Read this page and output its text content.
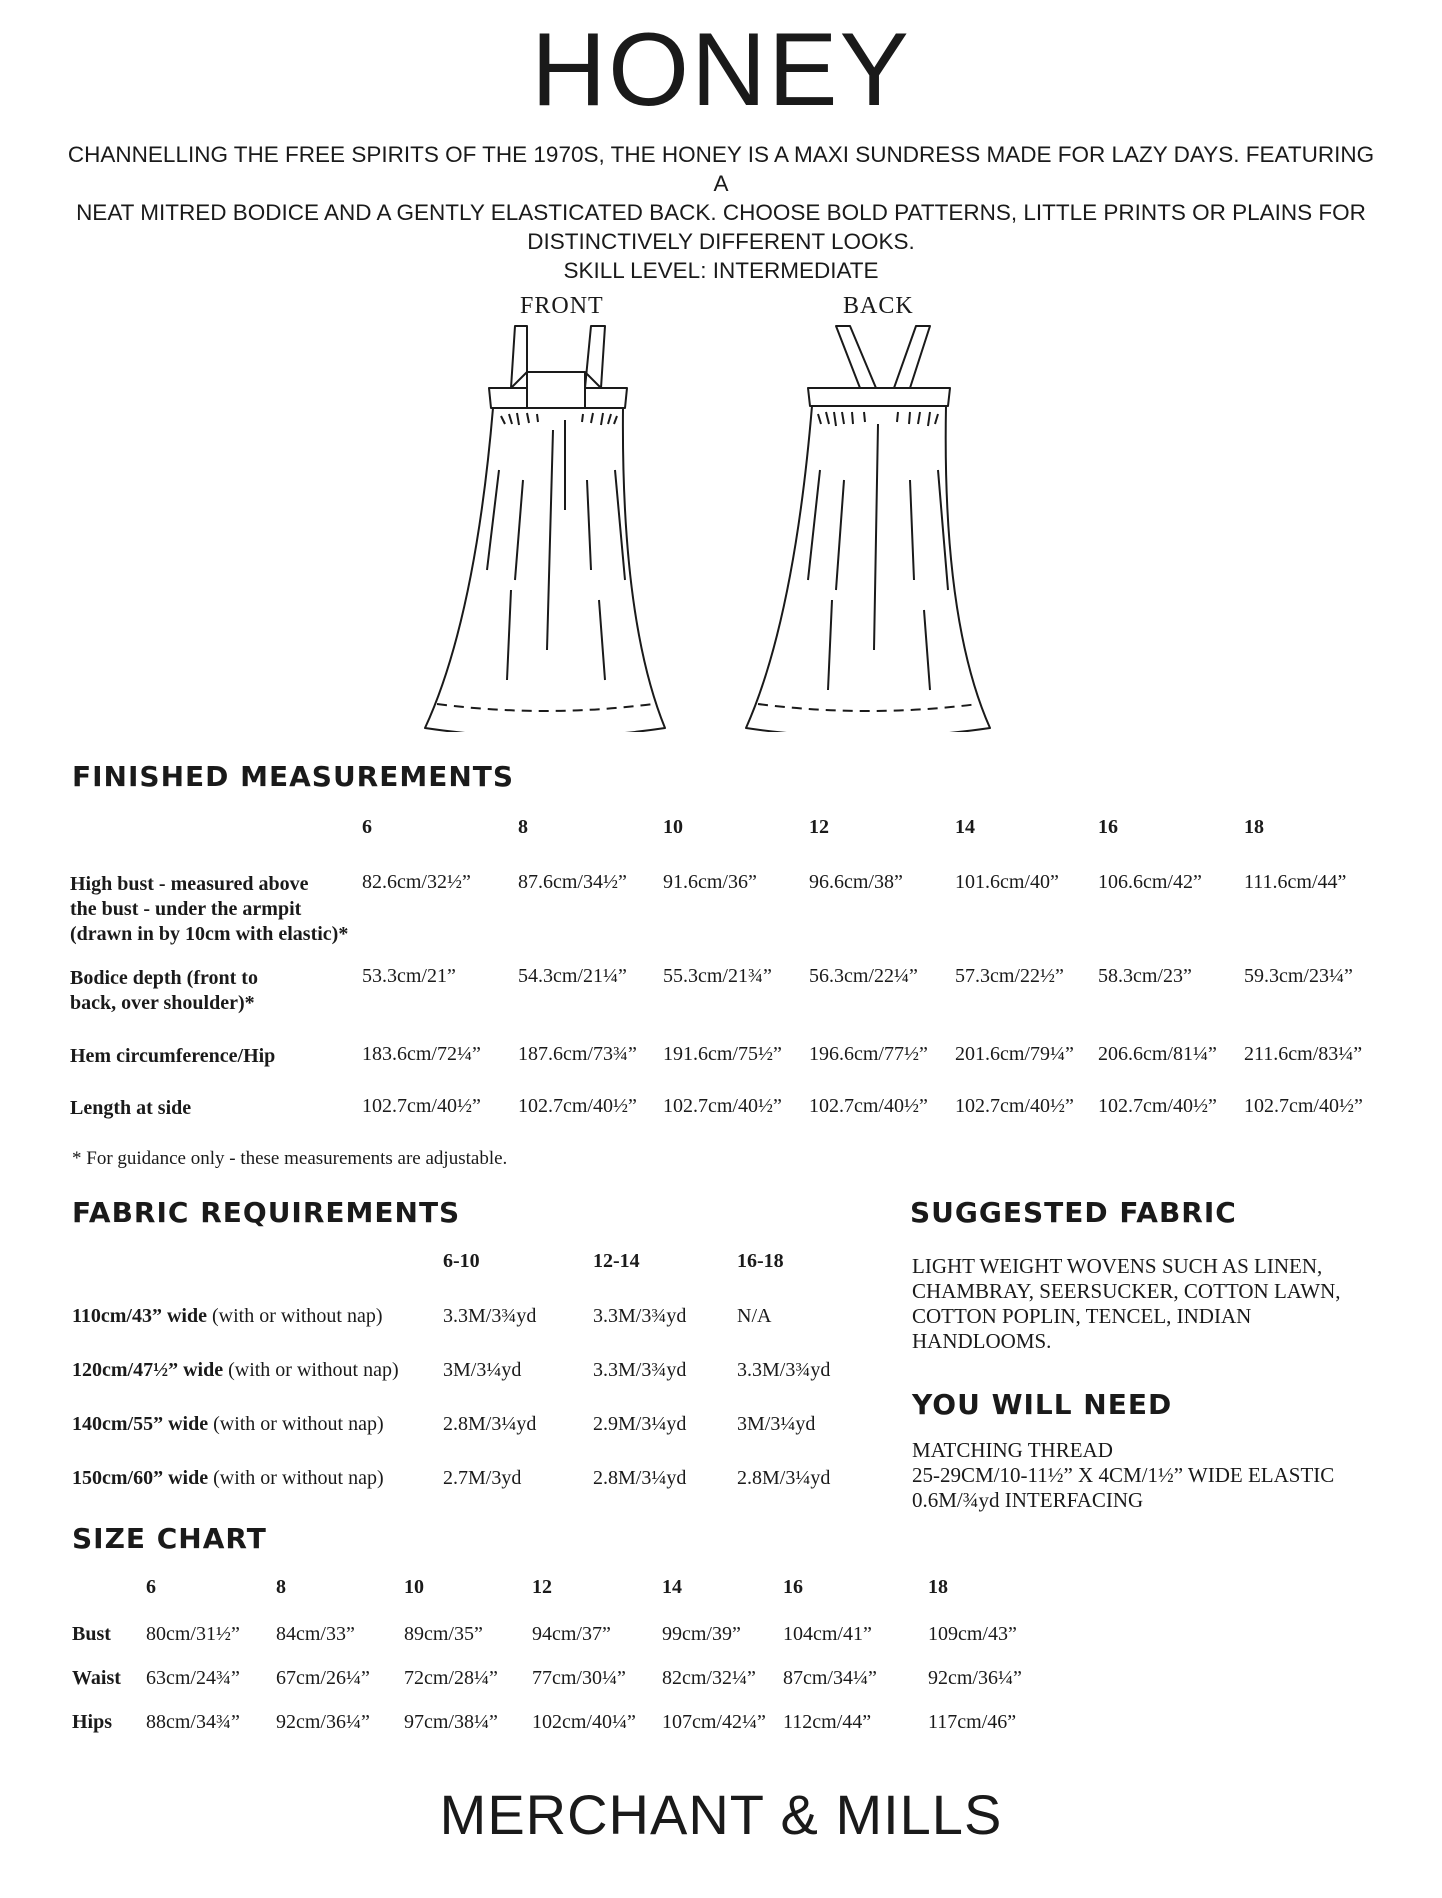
HONEY
CHANNELLING THE FREE SPIRITS OF THE 1970S, THE HONEY IS A MAXI SUNDRESS MADE FOR LAZY DAYS. FEATURING A
NEAT MITRED BODICE AND A GENTLY ELASTICATED BACK. CHOOSE BOLD PATTERNS, LITTLE PRINTS OR PLAINS FOR
DISTINCTIVELY DIFFERENT LOOKS.
SKILL LEVEL: INTERMEDIATE
FRONT	BACK
FINISHED MEASUREMENTS
6	8	10	12	14	16	18
High bust - measured above
the bust - under the armpit
(drawn in by 10cm with elastic)*
82.6cm/32½” 87.6cm/34½” 91.6cm/36”	96.6cm/38”	101.6cm/40” 106.6cm/42” 111.6cm/44”
Bodice depth (front to
back, over shoulder)*
53.3cm/21”	54.3cm/21¼” 55.3cm/21¾” 56.3cm/22¼” 57.3cm/22½” 58.3cm/23”	59.3cm/23¼”
Hem circumference/Hip	183.6cm/72¼” 187.6cm/73¾” 191.6cm/75½” 196.6cm/77½” 201.6cm/79¼” 206.6cm/81¼” 211.6cm/83¼”
Length at side	102.7cm/40½” 102.7cm/40½” 102.7cm/40½” 102.7cm/40½” 102.7cm/40½” 102.7cm/40½” 102.7cm/40½”
* For guidance only - these measurements are adjustable.
FABRIC REQUIREMENTS
6-10	12-14	16-18
110cm/43” wide (with or without nap)	3.3M/3¾yd	3.3M/3¾yd	N/A
120cm/47½” wide (with or without nap) 3M/3¼yd	3.3M/3¾yd	3.3M/3¾yd
140cm/55” wide (with or without nap)	2.8M/3¼yd	2.9M/3¼yd	3M/3¼yd
150cm/60” wide (with or without nap)	2.7M/3yd	2.8M/3¼yd	2.8M/3¼yd
SUGGESTED FABRIC
LIGHT WEIGHT WOVENS SUCH AS LINEN,
CHAMBRAY, SEERSUCKER, COTTON LAWN,
COTTON POPLIN, TENCEL, INDIAN
HANDLOOMS.
YOU WILL NEED
MATCHING THREAD
25-29CM/10-11½” X 4CM/1½” WIDE ELASTIC
0.6M/¾yd INTERFACING
SIZE CHART
6	8	10	12	14	16	18
Bust 80cm/31½” 84cm/33” 89cm/35” 94cm/37”	99cm/39” 104cm/41”	109cm/43”
Waist 63cm/24¾” 67cm/26¼” 72cm/28¼” 77cm/30¼” 82cm/32¼” 87cm/34¼”	92cm/36¼”
Hips 88cm/34¾” 92cm/36¼” 97cm/38¼” 102cm/40¼” 107cm/42¼” 112cm/44”	117cm/46”
MERCHANT & MILLS
